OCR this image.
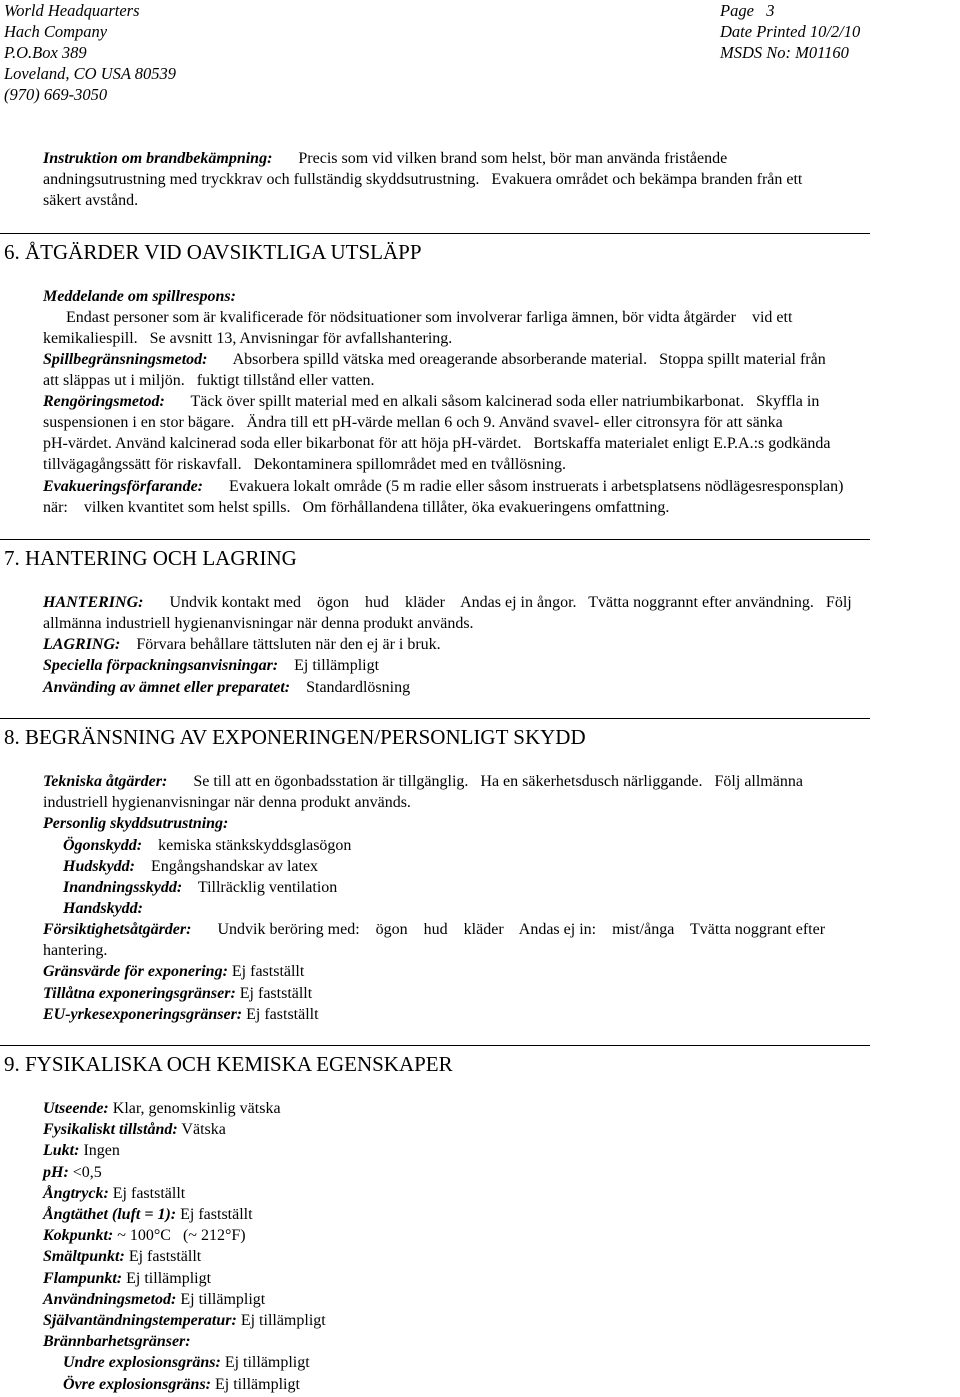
World Headquarters
Hach Company
P.O.Box 389
Loveland, CO USA 80539
(970) 669-3050
Page   3
Date Printed 10/2/10
MSDS No: M01160
Instruktion om brandbekämpning: Precis som vid vilken brand som helst, bör man använda fristående
andningsutrustning med tryckkrav och fullständig skyddsutrustning.   Evakuera området och bekämpa branden från ett
säkert avstånd.
6. ÅTGÄRDER VID OAVSIKTLIGA UTSLÄPP
Meddelande om spillrespons:
Endast personer som är kvalificerade för nödsituationer som involverar farliga ämnen, bör vidta åtgärder    vid ett
kemikaliespill.   Se avsnitt 13, Anvisningar för avfallshantering.
Spillbegränsningsmetod: Absorbera spilld vätska med oreagerande absorberande material.   Stoppa spillt material från
att släppas ut i miljön.   fuktigt tillstånd eller vatten.
Rengöringsmetod: Täck över spillt material med en alkali såsom kalcinerad soda eller natriumbikarbonat.   Skyffla in
suspensionen i en stor bägare.   Ändra till ett pH-värde mellan 6 och 9. Använd svavel- eller citronsyra för att sänka
pH-värdet. Använd kalcinerad soda eller bikarbonat för att höja pH-värdet.   Bortskaffa materialet enligt E.P.A.:s godkända
tillvägagångssätt för riskavfall.   Dekontaminera spillområdet med en tvållösning.
Evakueringsförfarande: Evakuera lokalt område (5 m radie eller såsom instruerats i arbetsplatsens nödlägesresponsplan)
när:    vilken kvantitet som helst spills.   Om förhållandena tillåter, öka evakueringens omfattning.
7. HANTERING OCH LAGRING
HANTERING: Undvik kontakt med    ögon    hud    kläder    Andas ej in ångor.   Tvätta noggrannt efter användning.   Följ
allmänna industriell hygienanvisningar när denna produkt används.
LAGRING: Förvara behållare tättsluten när den ej är i bruk.
Speciella förpackningsanvisningar: Ej tillämpligt
Använding av ämnet eller preparatet: Standardlösning
8. BEGRÄNSNING AV EXPONERINGEN/PERSONLIGT SKYDD
Tekniska åtgärder: Se till att en ögonbadsstation är tillgänglig.   Ha en säkerhetsdusch närliggande.   Följ allmänna
industriell hygienanvisningar när denna produkt används.
Personlig skyddsutrustning:
Ögonskydd: kemiska stänkskyddsglasögon
Hudskydd: Engångshandskar av latex
Inandningsskydd: Tillräcklig ventilation
Handskydd:
Försiktighetsåtgärder: Undvik beröring med:    ögon    hud    kläder    Andas ej in:    mist/ånga    Tvätta noggrant efter
hantering.
Gränsvärde för exponering: Ej fastställt
Tillåtna exponeringsgränser: Ej fastställt
EU-yrkesexponeringsgränser: Ej fastställt
9. FYSIKALISKA OCH KEMISKA EGENSKAPER
Utseende: Klar, genomskinlig vätska
Fysikaliskt tillstånd: Vätska
Lukt: Ingen
pH: <0,5
Ångtryck: Ej fastställt
Ångtäthet (luft = 1): Ej fastställt
Kokpunkt: ~ 100°C   (~ 212°F)
Smältpunkt: Ej fastställt
Flampunkt: Ej tillämpligt
Användningsmetod: Ej tillämpligt
Självantändningstemperatur: Ej tillämpligt
Brännbarhetsgränser:
Undre explosionsgräns: Ej tillämpligt
Övre explosionsgräns: Ej tillämpligt
